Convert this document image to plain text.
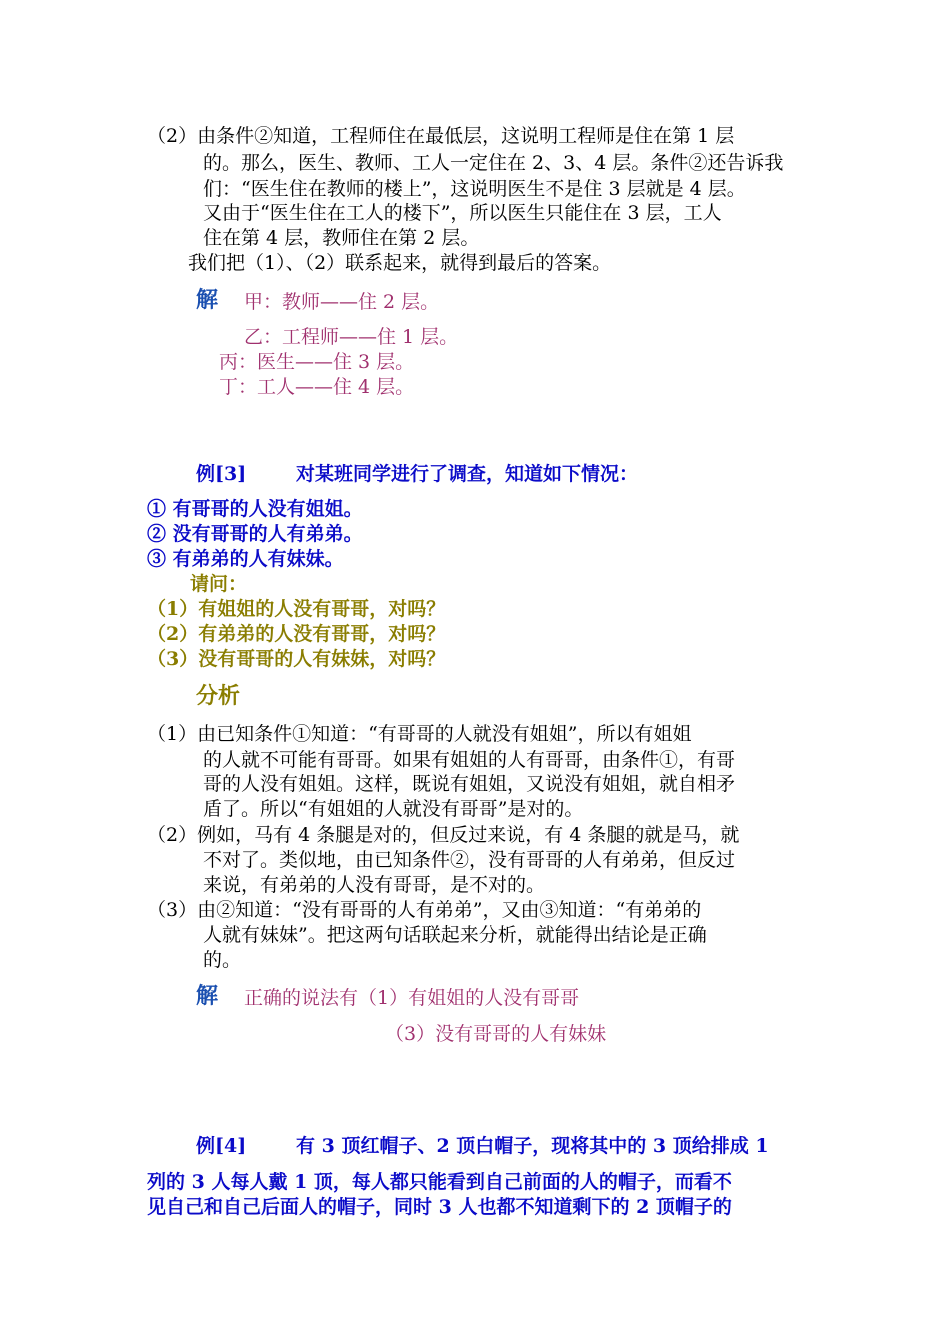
（2）由条件②知道，工程师住在最低层，这说明工程师是住在第 1 层
的。那么，医生、教师、工人一定住在 2、3、4 层。条件②还告诉我
们：“医生住在教师的楼上”，这说明医生不是住 3 层就是 4 层。
又由于“医生住在工人的楼下”，所以医生只能住在 3 层，工人
住在第 4 层，教师住在第 2 层。
我们把（1）、（2）联系起来，就得到最后的答案。
解 甲：教师——住 2 层。
乙：工程师——住 1 层。
丙：医生——住 3 层。
丁：工人——住 4 层。
例[3]	对某班同学进行了调查，知道如下情况：
① 有哥哥的人没有姐姐。
② 没有哥哥的人有弟弟。
③ 有弟弟的人有妹妹。
请问：
（1）有姐姐的人没有哥哥，对吗？
（2）有弟弟的人没有哥哥，对吗？
（3）没有哥哥的人有妹妹，对吗？
分析
（1）由已知条件①知道：“有哥哥的人就没有姐姐”，所以有姐姐
的人就不可能有哥哥。如果有姐姐的人有哥哥，由条件①，有哥
哥的人没有姐姐。这样，既说有姐姐，又说没有姐姐，就自相矛
盾了。所以“有姐姐的人就没有哥哥”是对的。
（2）例如，马有 4 条腿是对的，但反过来说，有 4 条腿的就是马，就
不对了。类似地，由已知条件②，没有哥哥的人有弟弟，但反过
来说，有弟弟的人没有哥哥，是不对的。
（3）由②知道：“没有哥哥的人有弟弟”，又由③知道：“有弟弟的
人就有妹妹”。把这两句话联起来分析，就能得出结论是正确
的。
解 正确的说法有（1）有姐姐的人没有哥哥
（3）没有哥哥的人有妹妹
例[4]	有 3 顶红帽子、2 顶白帽子，现将其中的 3 顶给排成 1
列的 3 人每人戴 1 顶，每人都只能看到自己前面的人的帽子，而看不
见自己和自己后面人的帽子，同时 3 人也都不知道剩下的 2 顶帽子的
